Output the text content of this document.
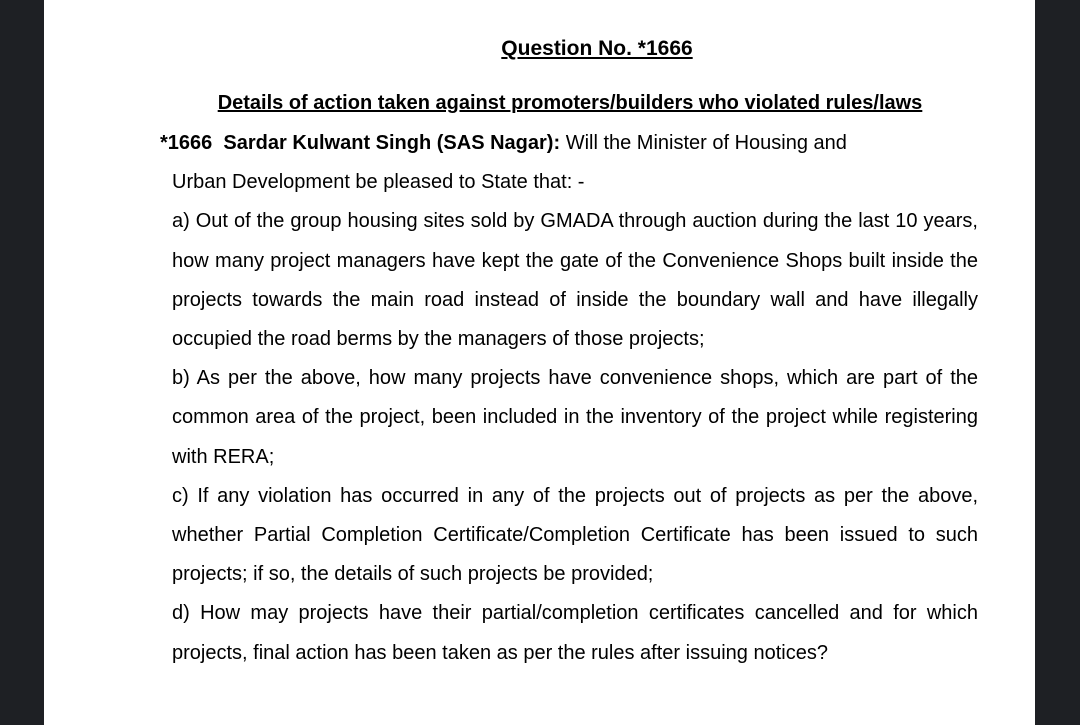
Question No. *1666
Details of action taken against promoters/builders who violated rules/laws

*1666 Sardar Kulwant Singh (SAS Nagar): Will the Minister of Housing and

Urban Development be pleased to State that: -

a) Out of the group housing sites sold by GMADA through auction during the last 10 years, how many project managers have kept the gate of the Convenience Shops built inside the projects towards the main road instead of inside the boundary wall and have illegally occupied the road berms by the managers of those projects;

b) As per the above, how many projects have convenience shops, which are part of the common area of the project, been included in the inventory of the project while registering with RERA;

c) If any violation has occurred in any of the projects out of projects as per the above, whether Partial Completion Certificate/Completion Certificate has been issued to such projects; if so, the details of such projects be provided;

d) How may projects have their partial/completion certificates cancelled and for which projects, final action has been taken as per the rules after issuing notices?
